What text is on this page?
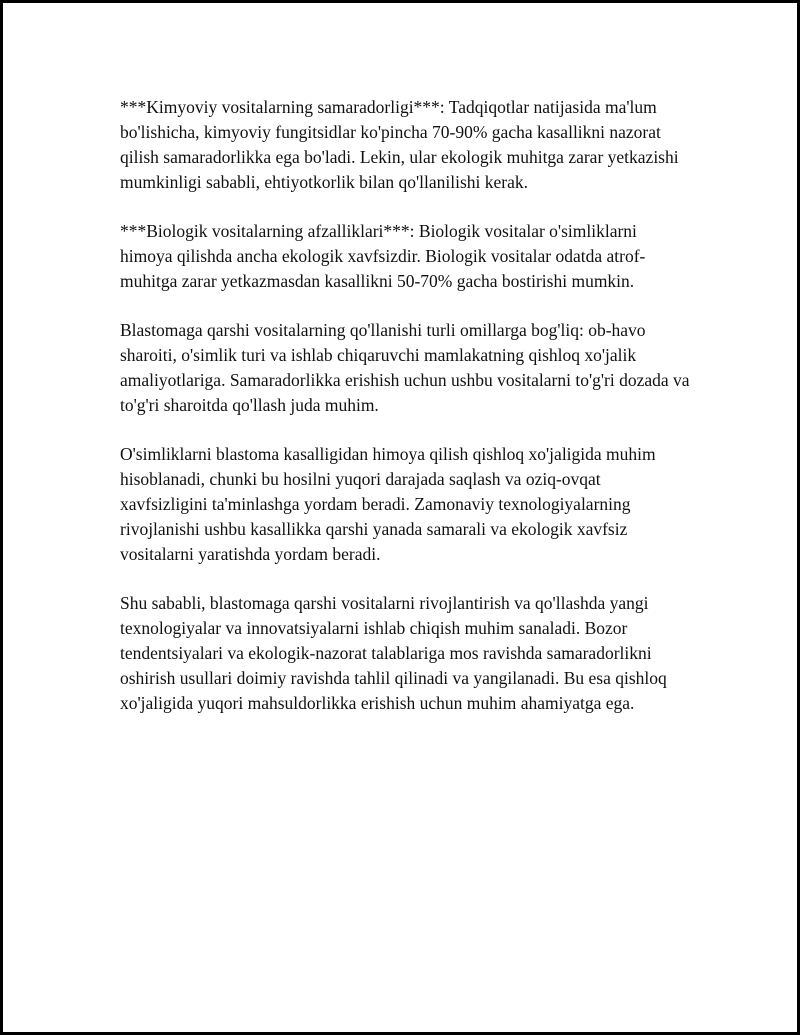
***Kimyoviy vositalarning samaradorligi***: Tadqiqotlar natijasida ma'lum bo'lishicha, kimyoviy fungitsidlar ko'pincha 70-90% gacha kasallikni nazorat qilish samaradorlikka ega bo'ladi. Lekin, ular ekologik muhitga zarar yetkazishi mumkinligi sababli, ehtiyotkorlik bilan qo'llanilishi kerak.

***Biologik vositalarning afzalliklari***: Biologik vositalar o'simliklarni himoya qilishda ancha ekologik xavfsizdir. Biologik vositalar odatda atrof-muhitga zarar yetkazmasdan kasallikni 50-70% gacha bostirishi mumkin.

Blastomaga qarshi vositalarning qo'llanishi turli omillarga bog'liq: ob-havo sharoiti, o'simlik turi va ishlab chiqaruvchi mamlakatning qishloq xo'jalik amaliyotlariga. Samaradorlikka erishish uchun ushbu vositalarni to'g'ri dozada va to'g'ri sharoitda qo'llash juda muhim.

O'simliklarni blastoma kasalligidan himoya qilish qishloq xo'jaligida muhim hisoblanadi, chunki bu hosilni yuqori darajada saqlash va oziq-ovqat xavfsizligini ta'minlashga yordam beradi. Zamonaviy texnologiyalarning rivojlanishi ushbu kasallikka qarshi yanada samarali va ekologik xavfsiz vositalarni yaratishda yordam beradi.

Shu sababli, blastomaga qarshi vositalarni rivojlantirish va qo'llashda yangi texnologiyalar va innovatsiyalarni ishlab chiqish muhim sanaladi. Bozor tendentsiyalari va ekologik-nazorat talablariga mos ravishda samaradorlikni oshirish usullari doimiy ravishda tahlil qilinadi va yangilanadi. Bu esa qishloq xo'jaligida yuqori mahsuldorlikka erishish uchun muhim ahamiyatga ega.
